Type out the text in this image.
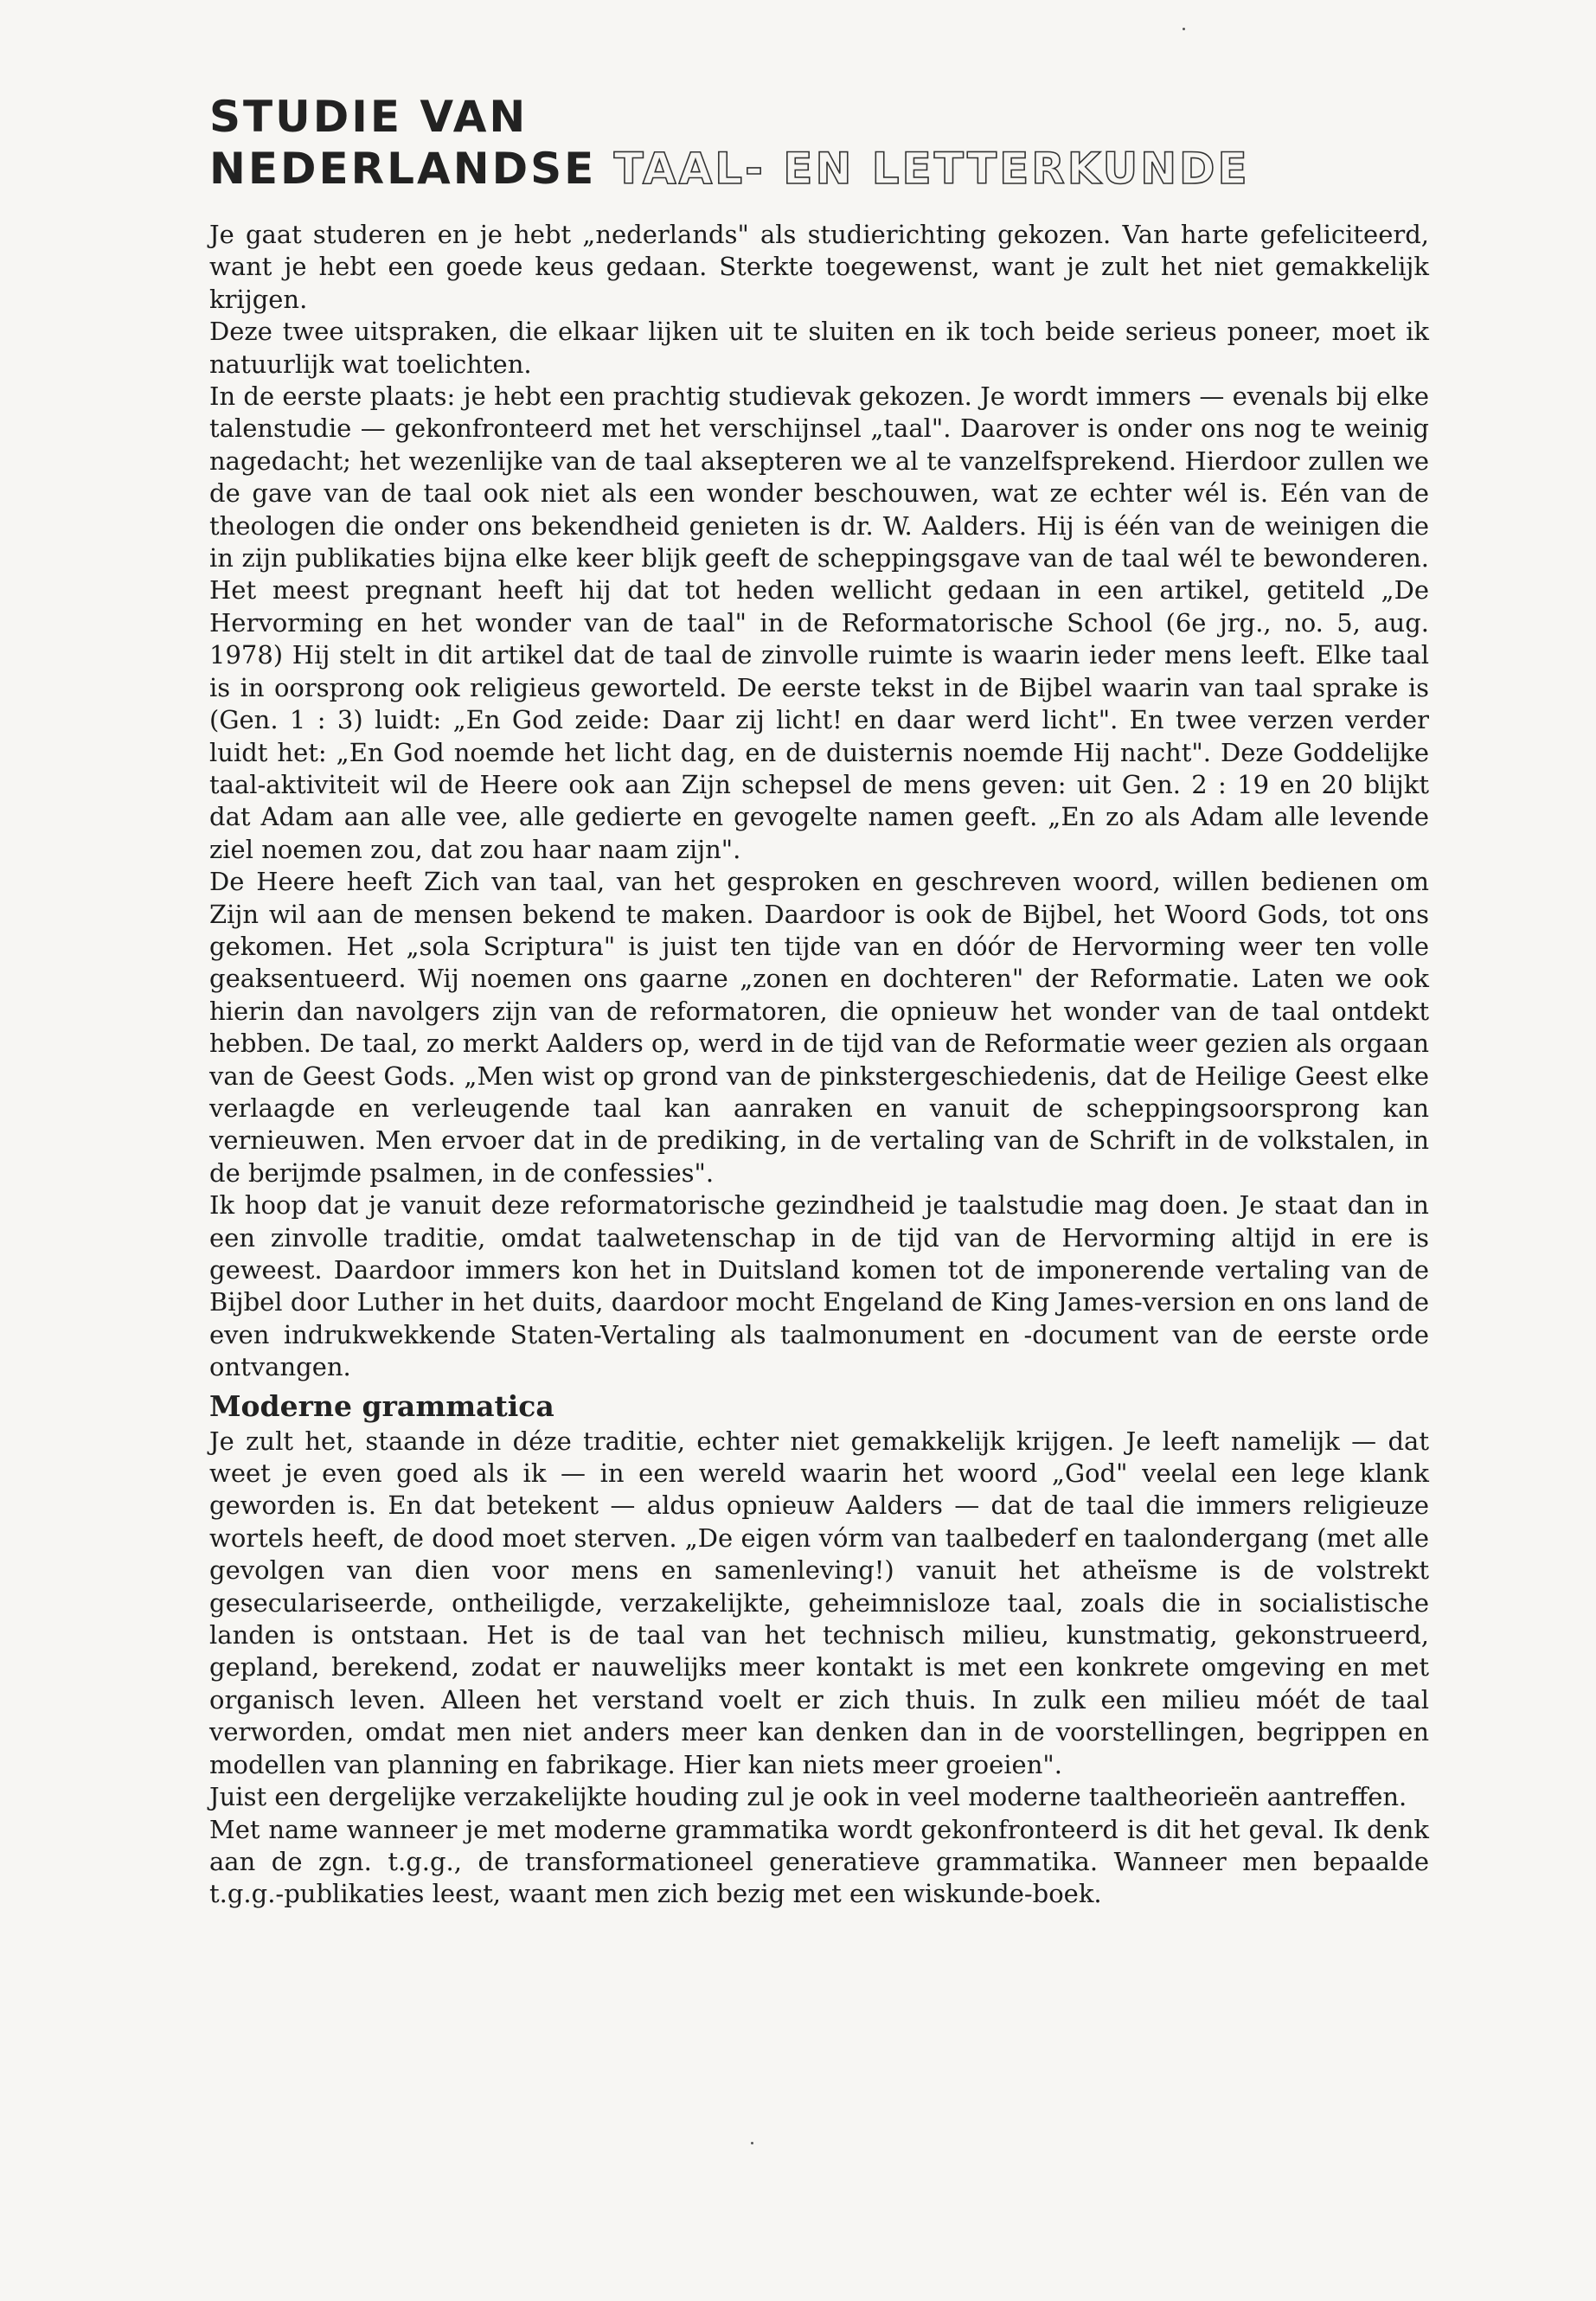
STUDIE VAN
NEDERLANDSE TAAL- EN LETTERKUNDE

Je gaat studeren en je hebt „nederlands" als studierichting gekozen. Van harte gefeliciteerd, want je hebt een goede keus gedaan. Sterkte toegewenst, want je zult het niet gemakkelijk krijgen.

Deze twee uitspraken, die elkaar lijken uit te sluiten en ik toch beide serieus poneer, moet ik natuurlijk wat toelichten.

In de eerste plaats: je hebt een prachtig studievak gekozen. Je wordt immers — evenals bij elke talenstudie — gekonfronteerd met het verschijnsel „taal". Daarover is onder ons nog te weinig nagedacht; het wezenlijke van de taal aksepteren we al te vanzelfsprekend. Hierdoor zullen we de gave van de taal ook niet als een wonder beschouwen, wat ze echter wél is. Eén van de theologen die onder ons bekendheid genieten is dr. W. Aalders. Hij is één van de weinigen die in zijn publikaties bijna elke keer blijk geeft de scheppingsgave van de taal wél te bewonderen. Het meest pregnant heeft hij dat tot heden wellicht gedaan in een artikel, getiteld „De Hervorming en het wonder van de taal" in de Reformatorische School (6e jrg., no. 5, aug. 1978) Hij stelt in dit artikel dat de taal de zinvolle ruimte is waarin ieder mens leeft. Elke taal is in oorsprong ook religieus geworteld. De eerste tekst in de Bijbel waarin van taal sprake is (Gen. 1 : 3) luidt: „En God zeide: Daar zij licht! en daar werd licht". En twee verzen verder luidt het: „En God noemde het licht dag, en de duisternis noemde Hij nacht". Deze Goddelijke taal-aktiviteit wil de Heere ook aan Zijn schepsel de mens geven: uit Gen. 2 : 19 en 20 blijkt dat Adam aan alle vee, alle gedierte en gevogelte namen geeft. „En zo als Adam alle levende ziel noemen zou, dat zou haar naam zijn".

De Heere heeft Zich van taal, van het gesproken en geschreven woord, willen bedienen om Zijn wil aan de mensen bekend te maken. Daardoor is ook de Bijbel, het Woord Gods, tot ons gekomen. Het „sola Scriptura" is juist ten tijde van en dóór de Hervorming weer ten volle geaksentueerd. Wij noemen ons gaarne „zonen en dochteren" der Reformatie. Laten we ook hierin dan navolgers zijn van de reformatoren, die opnieuw het wonder van de taal ontdekt hebben. De taal, zo merkt Aalders op, werd in de tijd van de Reformatie weer gezien als orgaan van de Geest Gods. „Men wist op grond van de pinkstergeschiedenis, dat de Heilige Geest elke verlaagde en verleugende taal kan aanraken en vanuit de scheppingsoorsprong kan vernieuwen. Men ervoer dat in de prediking, in de vertaling van de Schrift in de volkstalen, in de berijmde psalmen, in de confessies".

Ik hoop dat je vanuit deze reformatorische gezindheid je taalstudie mag doen. Je staat dan in een zinvolle traditie, omdat taalwetenschap in de tijd van de Hervorming altijd in ere is geweest. Daardoor immers kon het in Duitsland komen tot de imponerende vertaling van de Bijbel door Luther in het duits, daardoor mocht Engeland de King James-version en ons land de even indrukwekkende Staten-Vertaling als taalmonument en -document van de eerste orde ontvangen.

Moderne grammatica

Je zult het, staande in déze traditie, echter niet gemakkelijk krijgen. Je leeft namelijk — dat weet je even goed als ik — in een wereld waarin het woord „God" veelal een lege klank geworden is. En dat betekent — aldus opnieuw Aalders — dat de taal die immers religieuze wortels heeft, de dood moet sterven. „De eigen vórm van taalbederf en taalondergang (met alle gevolgen van dien voor mens en samenleving!) vanuit het atheïsme is de volstrekt geseculariseerde, ontheiligde, verzakelijkte, geheimnisloze taal, zoals die in socialistische landen is ontstaan. Het is de taal van het technisch milieu, kunstmatig, gekonstrueerd, gepland, berekend, zodat er nauwelijks meer kontakt is met een konkrete omgeving en met organisch leven. Alleen het verstand voelt er zich thuis. In zulk een milieu móét de taal verworden, omdat men niet anders meer kan denken dan in de voorstellingen, begrippen en modellen van planning en fabrikage. Hier kan niets meer groeien".

Juist een dergelijke verzakelijkte houding zul je ook in veel moderne taaltheorieën aantreffen.

Met name wanneer je met moderne grammatika wordt gekonfronteerd is dit het geval. Ik denk aan de zgn. t.g.g., de transformationeel generatieve grammatika. Wanneer men bepaalde t.g.g.-publikaties leest, waant men zich bezig met een wiskunde-boek.
